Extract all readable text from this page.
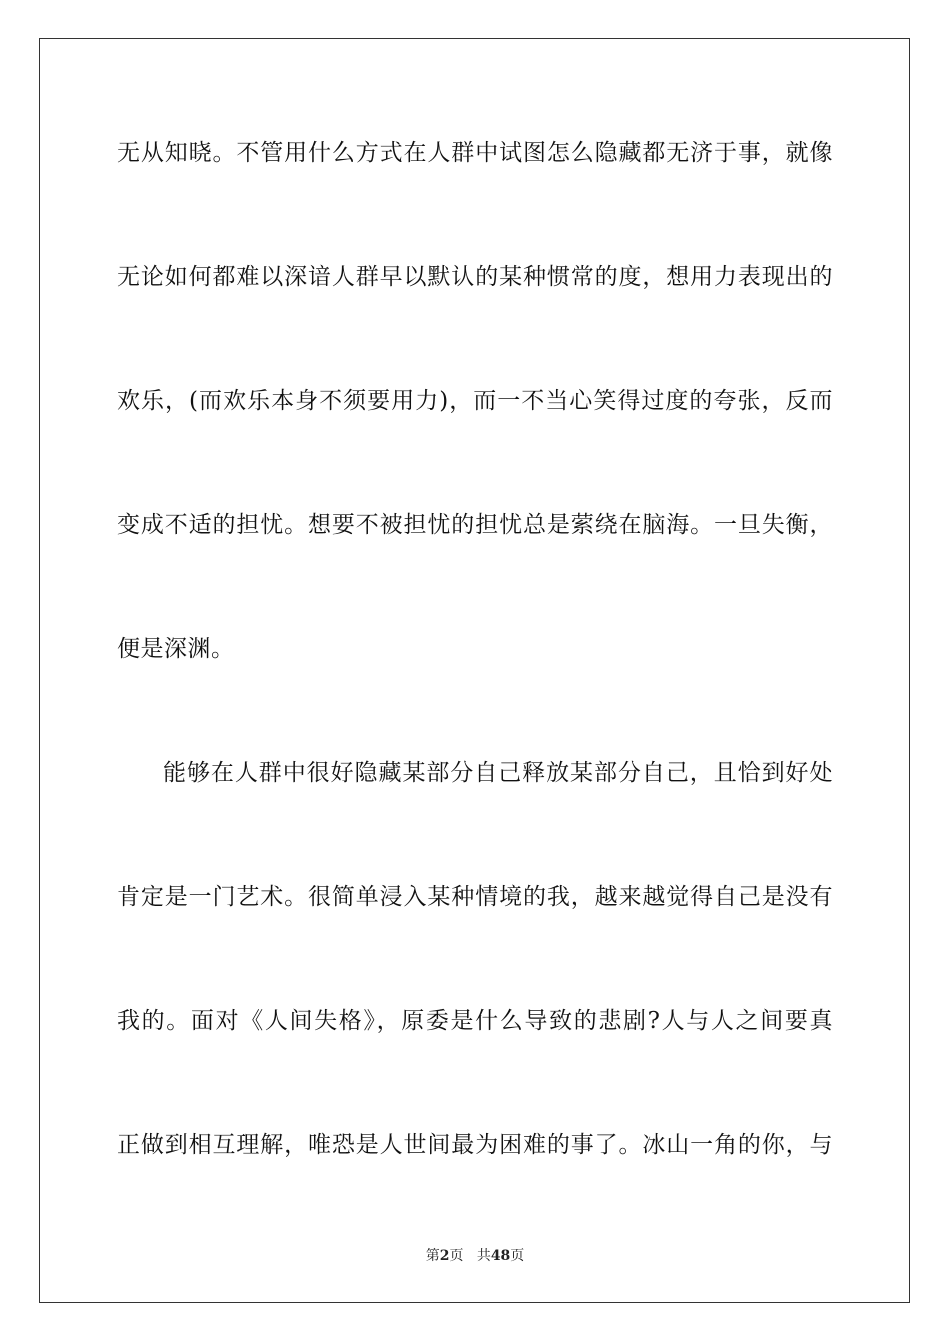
无从知晓。不管用什么方式在人群中试图怎么隐藏都无济于事，就像
无论如何都难以深谙人群早以默认的某种惯常的度，想用力表现出的
欢乐，(而欢乐本身不须要用力)，而一不当心笑得过度的夸张，反而
变成不适的担忧。想要不被担忧的担忧总是萦绕在脑海。一旦失衡，
便是深渊。
能够在人群中很好隐藏某部分自己释放某部分自己，且恰到好处
肯定是一门艺术。很简单浸入某种情境的我，越来越觉得自己是没有
我的。面对《人间失格》，原委是什么导致的悲剧?人与人之间要真
正做到相互理解，唯恐是人世间最为困难的事了。冰山一角的你，与
第2页 共48页
